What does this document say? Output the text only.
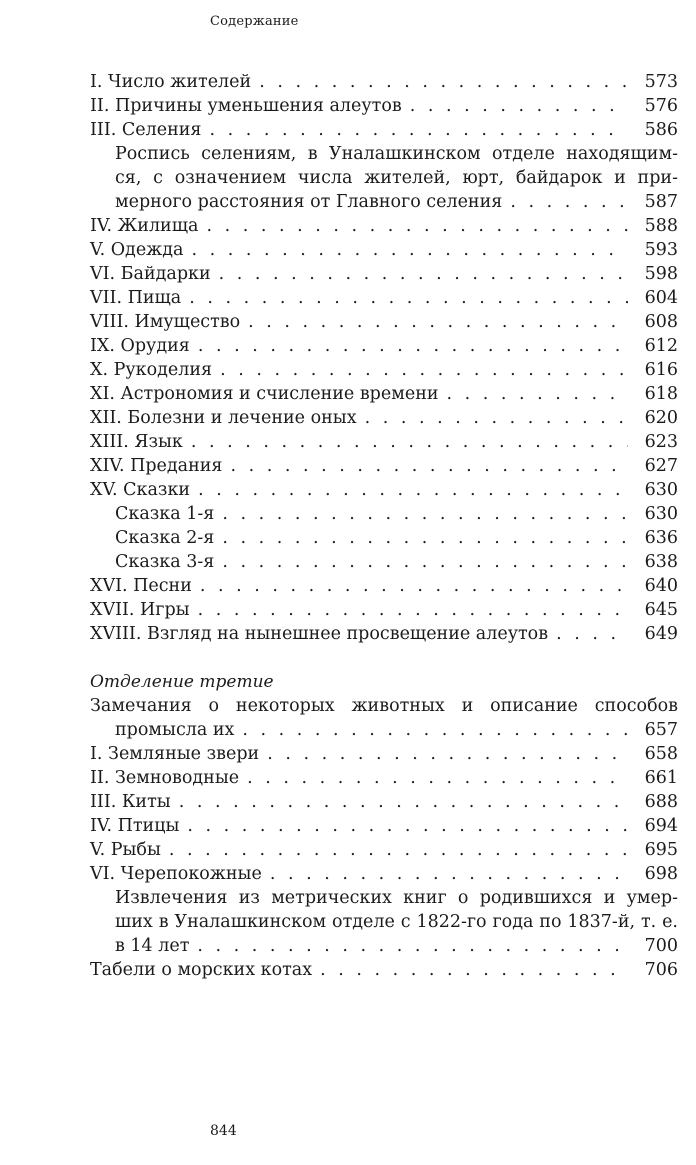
Содержание
I. Число жителей . . .	573
II. Причины уменьшения алеутов . . .	576
III. Селения . . .	586
Роспись селениям, в Уналашкинском отделе находящим-
ся, с означением числа жителей, юрт, байдарок и при-
мерного расстояния от Главного селения . . .	587
IV. Жилища . . .	588
V. Одежда . . .	593
VI. Байдарки . . .	598
VII. Пища . . .	604
VIII. Имущество . . .	608
IX. Орудия . . .	612
X. Рукоделия . . .	616
XI. Астрономия и счисление времени . . .	618
XII. Болезни и лечение оных . . .	620
XIII. Язык . . .	623
XIV. Предания . . .	627
XV. Сказки . . .	630
Сказка 1-я . . .	630
Сказка 2-я . . .	636
Сказка 3-я . . .	638
XVI. Песни . . .	640
XVII. Игры . . .	645
XVIII. Взгляд на нынешнее просвещение алеутов . . .	649
Отделение третие
Замечания о некоторых животных и описание способов
промысла их . . .	657
I. Земляные звери . . .	658
II. Земноводные . . .	661
III. Киты . . .	688
IV. Птицы . . .	694
V. Рыбы . . .	695
VI. Черепокожные . . .	698
Извлечения из метрических книг о родившихся и умер-
ших в Уналашкинском отделе с 1822-го года по 1837-й, т. е.
в 14 лет . . .	700
Табели о морских котах . . .	706
844
